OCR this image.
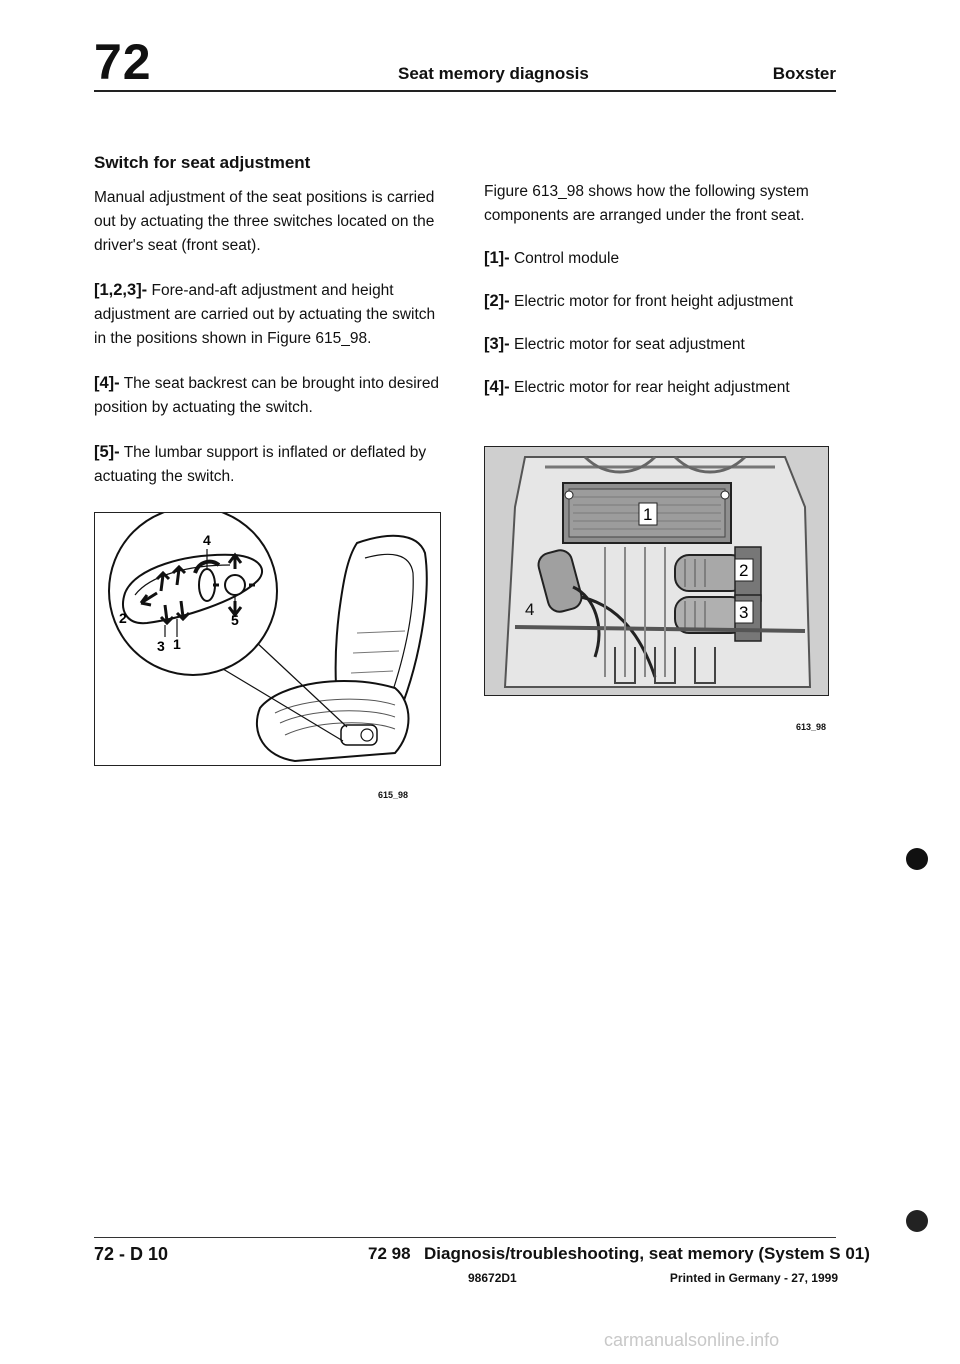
72	Seat memory diagnosis	Boxster
Switch for seat adjustment

Manual adjustment of the seat positions is carried out by actuating the three switches located on the driver's seat (front seat).

[1,2,3]- Fore-and-aft adjustment and height adjustment are carried out by actuating the switch in the positions shown in Figure 615_98.

[4]- The seat backrest can be brought into desired position by actuating the switch.

[5]- The lumbar support is inflated or deflated by actuating the switch.

Figure 613_98 shows how the following system components are arranged under the front seat.

[1]- Control module

[2]- Electric motor for front height adjustment

[3]- Electric motor for seat adjustment

[4]- Electric motor for rear height adjustment

4
2	5
3 1
615_98
1
2
3
4
613_98
72 - D 10	72 98 Diagnosis/troubleshooting, seat memory (System S 01)
98672D1	Printed in Germany - 27, 1999
carmanualsonline.info
